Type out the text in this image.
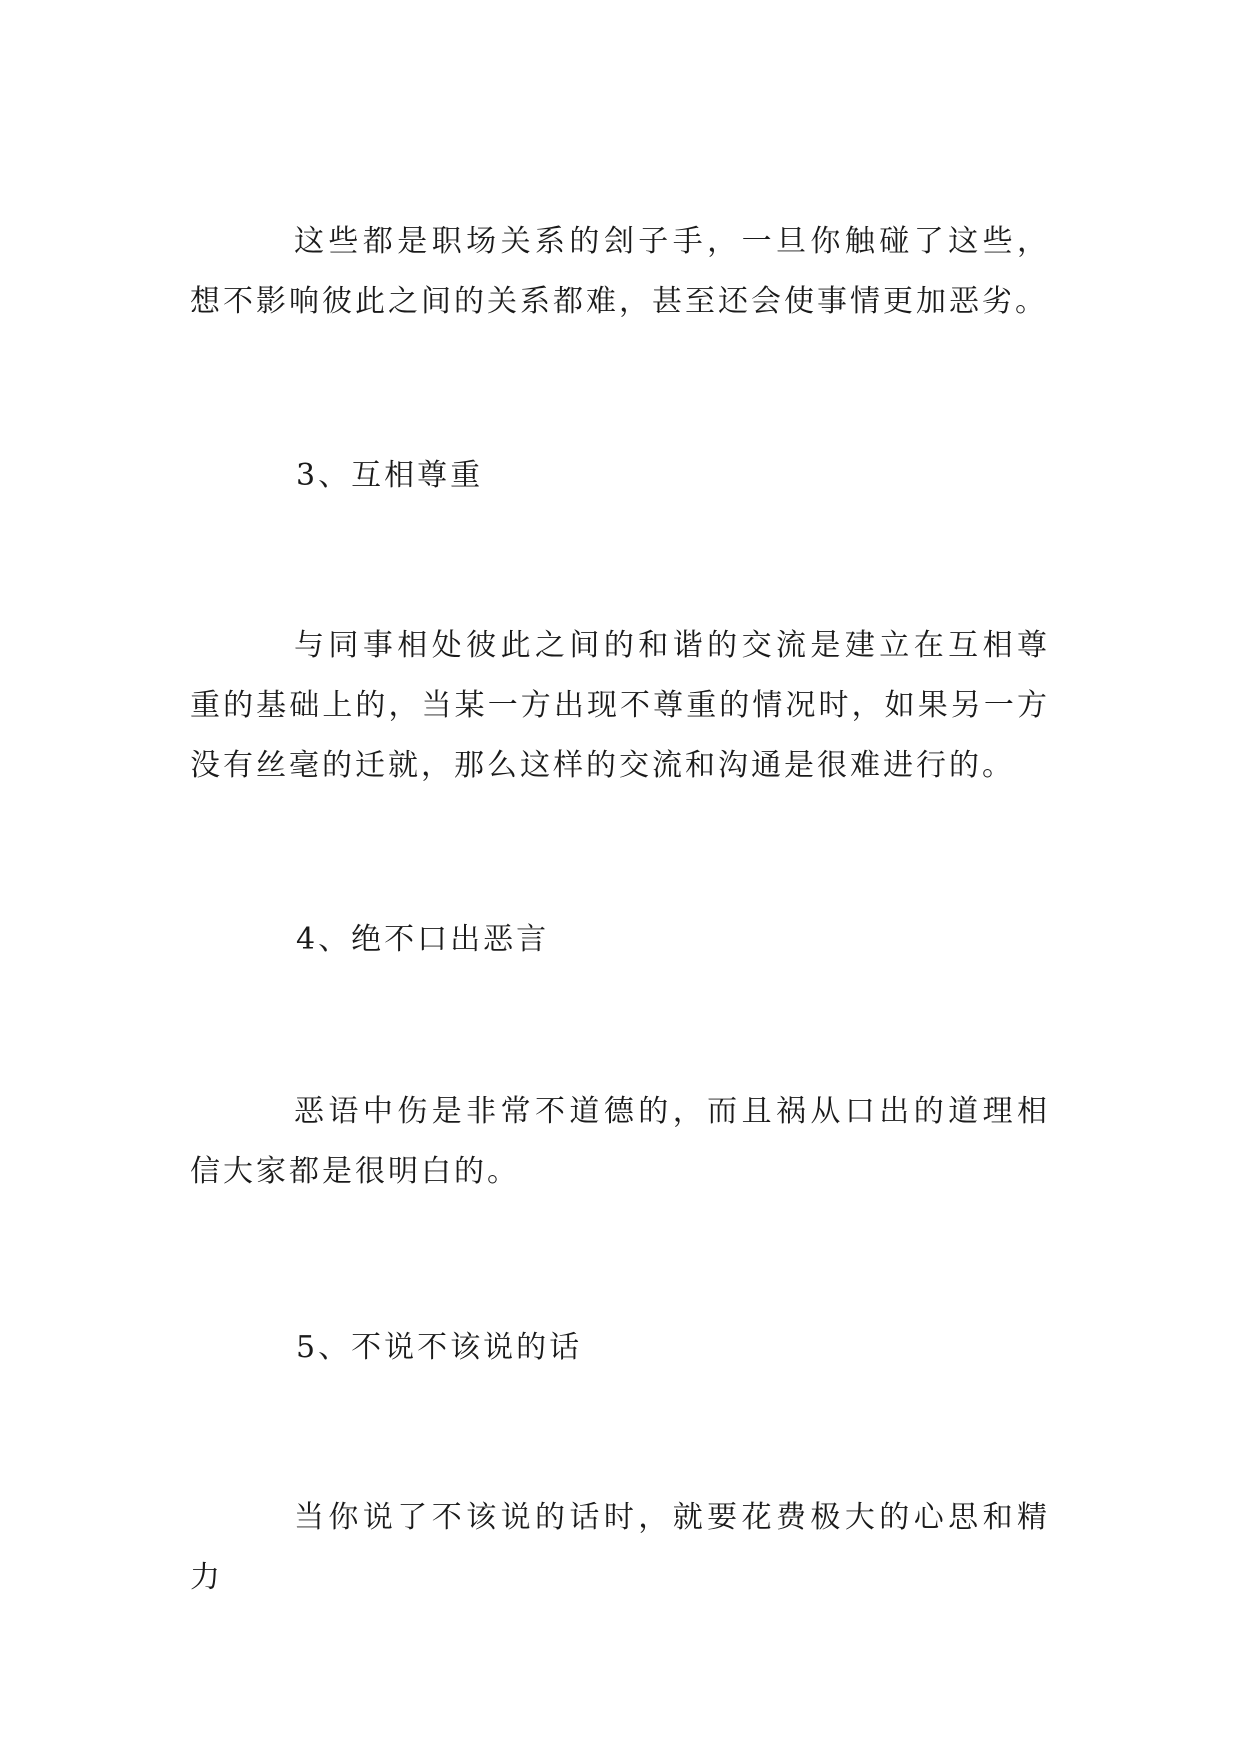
这些都是职场关系的刽子手，一旦你触碰了这些，想不影响彼此之间的关系都难，甚至还会使事情更加恶劣。

3、互相尊重

与同事相处彼此之间的和谐的交流是建立在互相尊重的基础上的，当某一方出现不尊重的情况时，如果另一方没有丝毫的迁就，那么这样的交流和沟通是很难进行的。

4、绝不口出恶言

恶语中伤是非常不道德的，而且祸从口出的道理相信大家都是很明白的。

5、不说不该说的话

当你说了不该说的话时，就要花费极大的心思和精力
